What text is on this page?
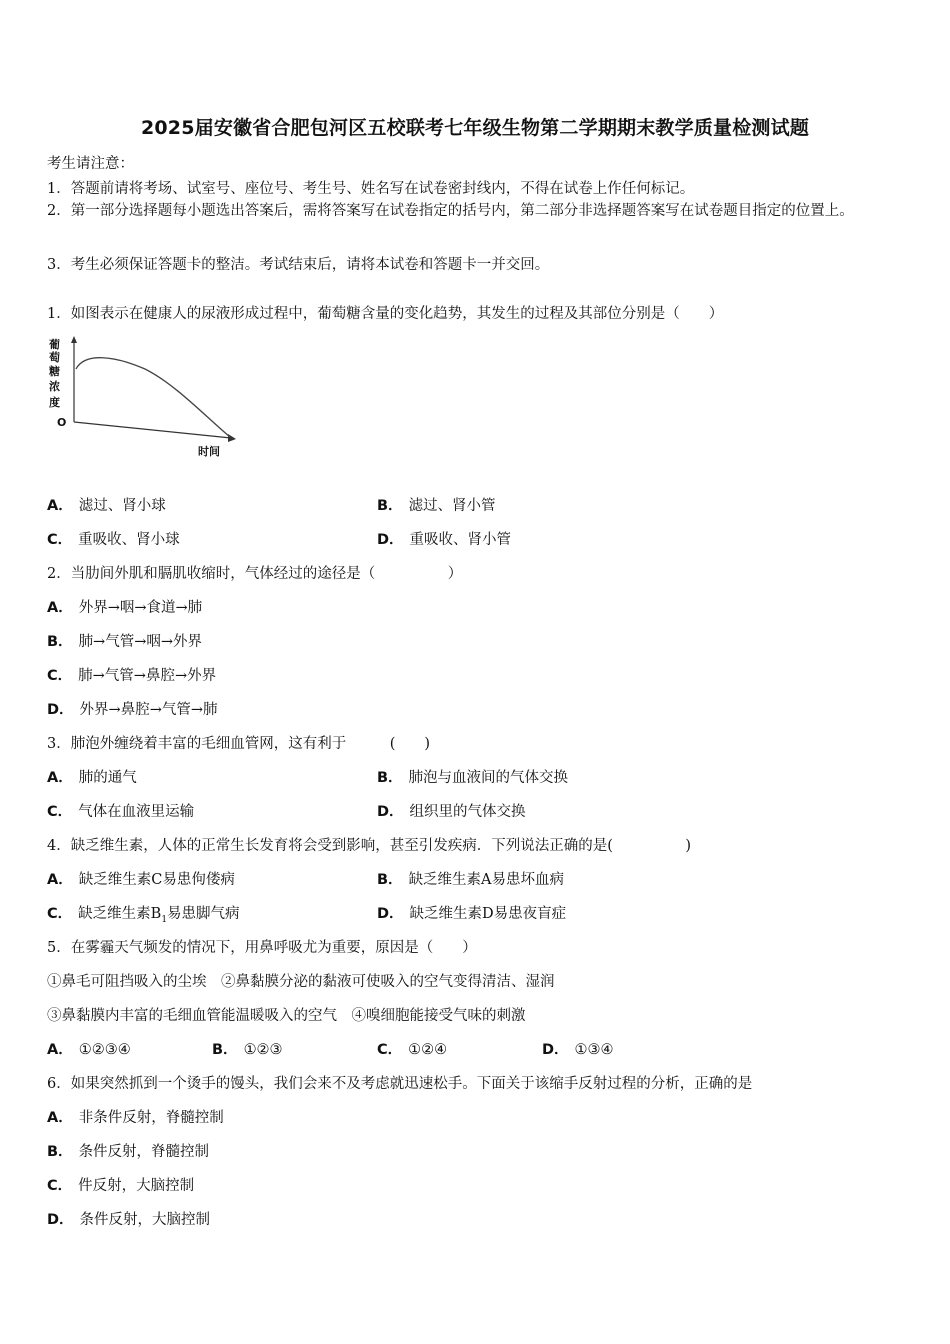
2025届安徽省合肥包河区五校联考七年级生物第二学期期末教学质量检测试题
考生请注意：
1．答题前请将考场、试室号、座位号、考生号、姓名写在试卷密封线内，不得在试卷上作任何标记。
2．第一部分选择题每小题选出答案后，需将答案写在试卷指定的括号内，第二部分非选择题答案写在试卷题目指定的位置上。
3．考生必须保证答题卡的整洁。考试结束后，请将本试卷和答题卡一并交回。
1．如图表示在健康人的尿液形成过程中，葡萄糖含量的变化趋势，其发生的过程及其部位分别是（　　）
葡
萄
糖
浓
度
O
时间
A． 滤过、肾小球	B． 滤过、肾小管
C． 重吸收、肾小球	D． 重吸收、肾小管
2．当肋间外肌和膈肌收缩时，气体经过的途径是（　　　　　）
A． 外界→咽→食道→肺
B． 肺→气管→咽→外界
C． 肺→气管→鼻腔→外界
D． 外界→鼻腔→气管→肺
3．肺泡外缠绕着丰富的毛细血管网，这有利于　　　(　　)
A． 肺的通气	B． 肺泡与血液间的气体交换
C． 气体在血液里运输	D． 组织里的气体交换
4．缺乏维生素，人体的正常生长发育将会受到影响，甚至引发疾病．下列说法正确的是(　　　　　)
A． 缺乏维生素C易患佝偻病	B． 缺乏维生素A易患坏血病
C． 缺乏维生素$B_1$易患脚气病	D． 缺乏维生素D易患夜盲症
5．在雾霾天气频发的情况下，用鼻呼吸尤为重要，原因是（　　）
①鼻毛可阻挡吸入的尘埃　②鼻黏膜分泌的黏液可使吸入的空气变得清洁、湿润
③鼻黏膜内丰富的毛细血管能温暖吸入的空气　④嗅细胞能接受气味的刺激
A． ①②③④	B． ①②③	C． ①②④	D． ①③④
6．如果突然抓到一个烫手的馒头，我们会来不及考虑就迅速松手。下面关于该缩手反射过程的分析，正确的是
A． 非条件反射，脊髓控制
B． 条件反射，脊髓控制
C． 件反射，大脑控制
D． 条件反射，大脑控制
